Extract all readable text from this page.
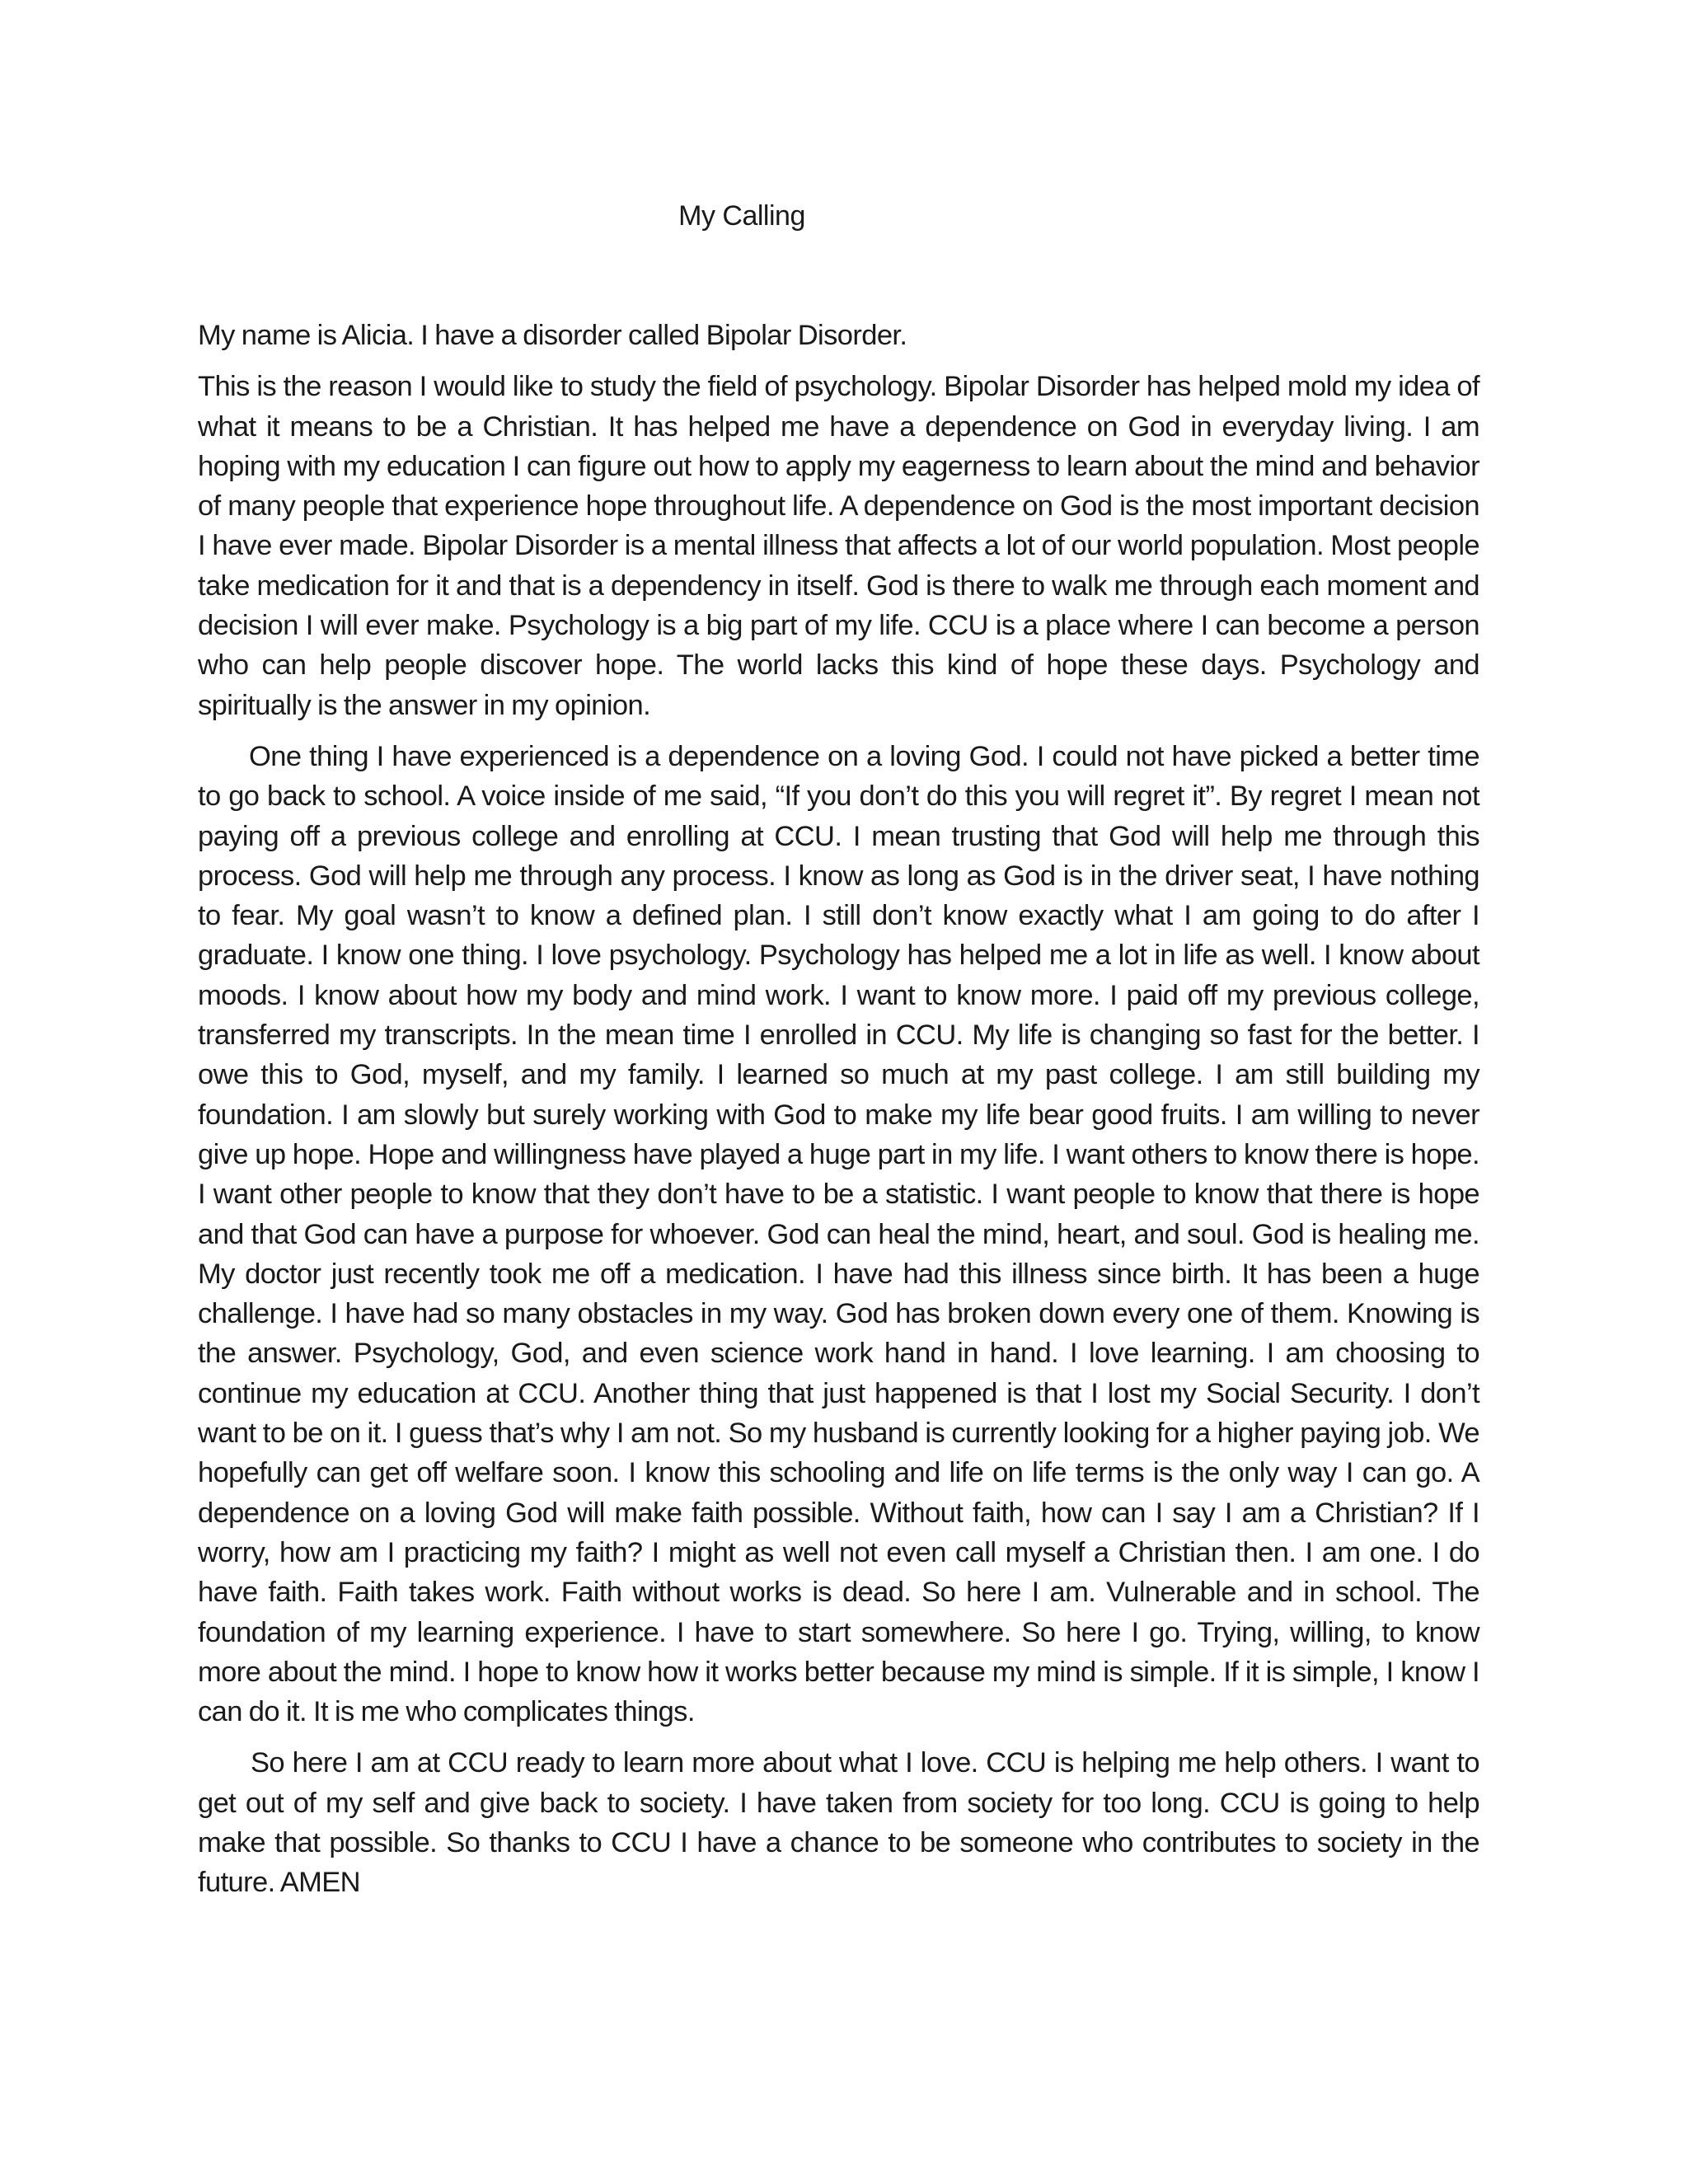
My Calling

My name is Alicia. I have a disorder called Bipolar Disorder.

This is the reason I would like to study the field of psychology. Bipolar Disorder has helped mold my idea of what it means to be a Christian. It has helped me have a dependence on God in everyday living. I am hoping with my education I can figure out how to apply my eagerness to learn about the mind and behavior of many people that experience hope throughout life. A dependence on God is the most important decision I have ever made. Bipolar Disorder is a mental illness that affects a lot of our world population. Most people take medication for it and that is a dependency in itself. God is there to walk me through each moment and decision I will ever make. Psychology is a big part of my life. CCU is a place where I can become a person who can help people discover hope. The world lacks this kind of hope these days. Psychology and spiritually is the answer in my opinion.

One thing I have experienced is a dependence on a loving God. I could not have picked a better time to go back to school. A voice inside of me said, “If you don’t do this you will regret it”. By regret I mean not paying off a previous college and enrolling at CCU. I mean trusting that God will help me through this process. God will help me through any process. I know as long as God is in the driver seat, I have nothing to fear. My goal wasn’t to know a defined plan. I still don’t know exactly what I am going to do after I graduate. I know one thing. I love psychology. Psychology has helped me a lot in life as well. I know about moods. I know about how my body and mind work. I want to know more. I paid off my previous college, transferred my transcripts. In the mean time I enrolled in CCU. My life is changing so fast for the better. I owe this to God, myself, and my family. I learned so much at my past college. I am still building my foundation. I am slowly but surely working with God to make my life bear good fruits. I am willing to never give up hope. Hope and willingness have played a huge part in my life. I want others to know there is hope. I want other people to know that they don’t have to be a statistic. I want people to know that there is hope and that God can have a purpose for whoever. God can heal the mind, heart, and soul. God is healing me. My doctor just recently took me off a medication. I have had this illness since birth. It has been a huge challenge. I have had so many obstacles in my way. God has broken down every one of them. Knowing is the answer. Psychology, God, and even science work hand in hand. I love learning. I am choosing to continue my education at CCU. Another thing that just happened is that I lost my Social Security. I don’t want to be on it. I guess that’s why I am not. So my husband is currently looking for a higher paying job. We hopefully can get off welfare soon. I know this schooling and life on life terms is the only way I can go. A dependence on a loving God will make faith possible. Without faith, how can I say I am a Christian? If I worry, how am I practicing my faith? I might as well not even call myself a Christian then. I am one. I do have faith. Faith takes work. Faith without works is dead. So here I am. Vulnerable and in school. The foundation of my learning experience. I have to start somewhere. So here I go. Trying, willing, to know more about the mind. I hope to know how it works better because my mind is simple. If it is simple, I know I can do it. It is me who complicates things.

So here I am at CCU ready to learn more about what I love. CCU is helping me help others. I want to get out of my self and give back to society. I have taken from society for too long. CCU is going to help make that possible. So thanks to CCU I have a chance to be someone who contributes to society in the future. AMEN
